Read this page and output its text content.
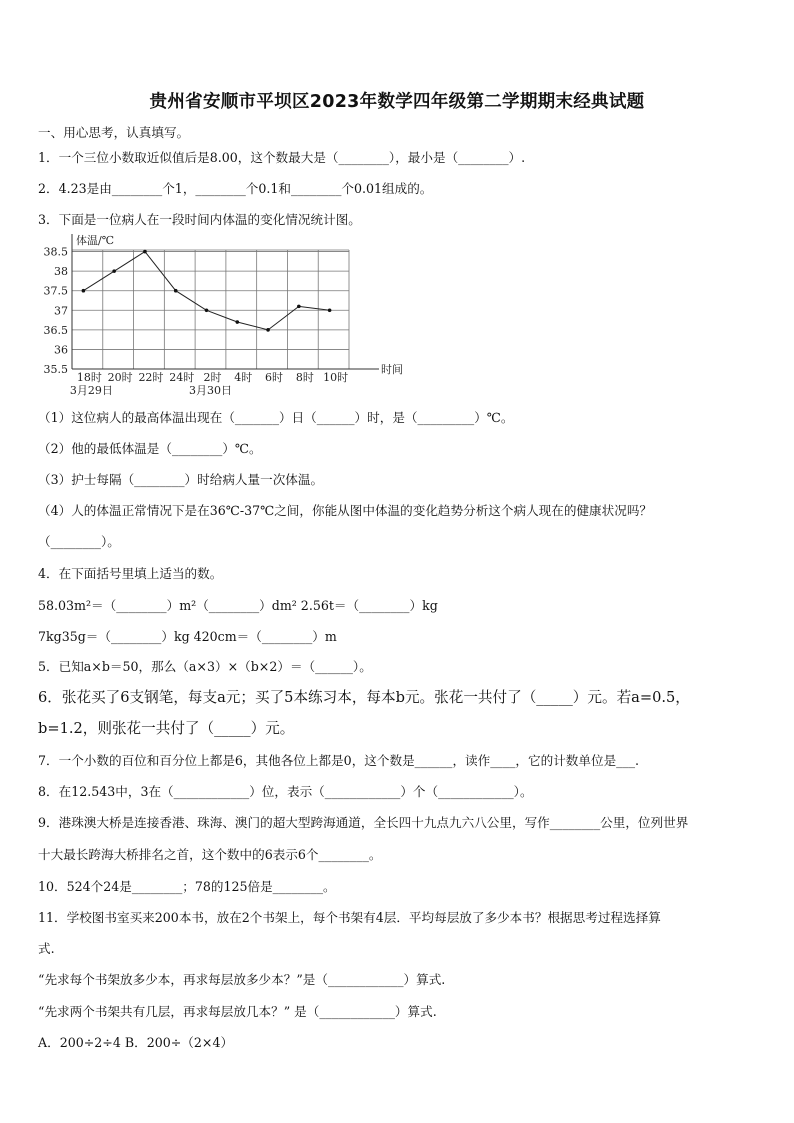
贵州省安顺市平坝区2023年数学四年级第二学期期末经典试题
一、用心思考，认真填写。
1．一个三位小数取近似值后是8.00，这个数最大是（________），最小是（________）.
2．4.23是由________个1，________个0.1和________个0.01组成的。
3．下面是一位病人在一段时间内体温的变化情况统计图。
35.5
36
36.5
37
37.5
38
38.5
体温/℃
时间
18时 20时 22时 24时 2时 4时 6时 8时 10时
3月29日	3月30日
（1）这位病人的最高体温出现在（_______）日（______）时，是（_________）℃。
（2）他的最低体温是（________）℃。
（3）护士每隔（________）时给病人量一次体温。
（4）人的体温正常情况下是在36℃-37℃之间，你能从图中体温的变化趋势分析这个病人现在的健康状况吗？
（________）。
4．在下面括号里填上适当的数。
58.03m²＝（________）m²（________）dm² 2.56t＝（________）kg
7kg35g＝（________）kg 420cm＝（________）m
5．已知a×b＝50，那么（a×3）×（b×2）＝（______）。
6．张花买了6支钢笔，每支a元；买了5本练习本，每本b元。张花一共付了（_____）元。若a=0.5，
b=1.2，则张花一共付了（_____）元。
7．一个小数的百位和百分位上都是6，其他各位上都是0，这个数是______，读作____，它的计数单位是___.
8．在12.543中，3在（____________）位，表示（____________）个（____________）。
9．港珠澳大桥是连接香港、珠海、澳门的超大型跨海通道，全长四十九点九六八公里，写作________公里，位列世界
十大最长跨海大桥排名之首，这个数中的6表示6个________。
10．524个24是________；78的125倍是________。
11．学校图书室买来200本书，放在2个书架上，每个书架有4层．平均每层放了多少本书？根据思考过程选择算
式.
“先求每个书架放多少本，再求每层放多少本？”是（____________）算式.
“先求两个书架共有几层，再求每层放几本？” 是（____________）算式.
A．200÷2÷4 B．200÷（2×4）
